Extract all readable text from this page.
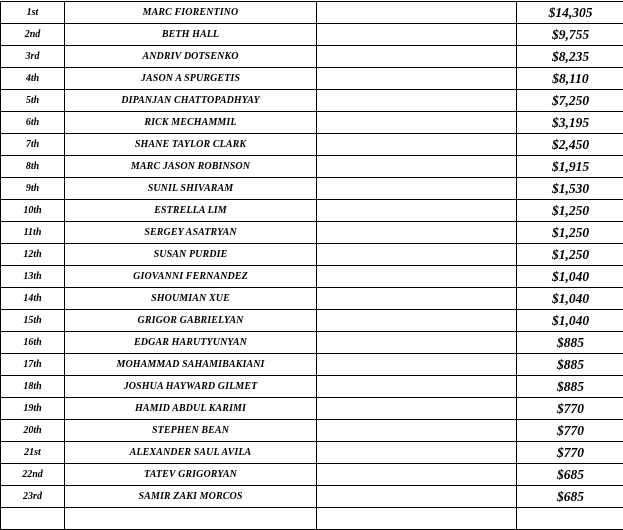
1st	MARC FIORENTINO		$14,305
2nd	BETH HALL		$9,755
3rd	ANDRIV DOTSENKO		$8,235
4th	JASON A SPURGETIS		$8,110
5th	DIPANJAN CHATTOPADHYAY		$7,250
6th	RICK MECHAMMIL		$3,195
7th	SHANE TAYLOR CLARK		$2,450
8th	MARC JASON ROBINSON		$1,915
9th	SUNIL SHIVARAM		$1,530
10th	ESTRELLA LIM		$1,250
11th	SERGEY ASATRYAN		$1,250
12th	SUSAN PURDIE		$1,250
13th	GIOVANNI FERNANDEZ		$1,040
14th	SHOUMIAN XUE		$1,040
15th	GRIGOR GABRIELYAN		$1,040
16th	EDGAR HARUTYUNYAN		$885
17th	MOHAMMAD SAHAMIBAKIANI		$885
18th	JOSHUA HAYWARD GILMET		$885
19th	HAMID ABDUL KARIMI		$770
20th	STEPHEN BEAN		$770
21st	ALEXANDER SAUL AVILA		$770
22nd	TATEV GRIGORYAN		$685
23rd	SAMIR ZAKI MORCOS		$685
